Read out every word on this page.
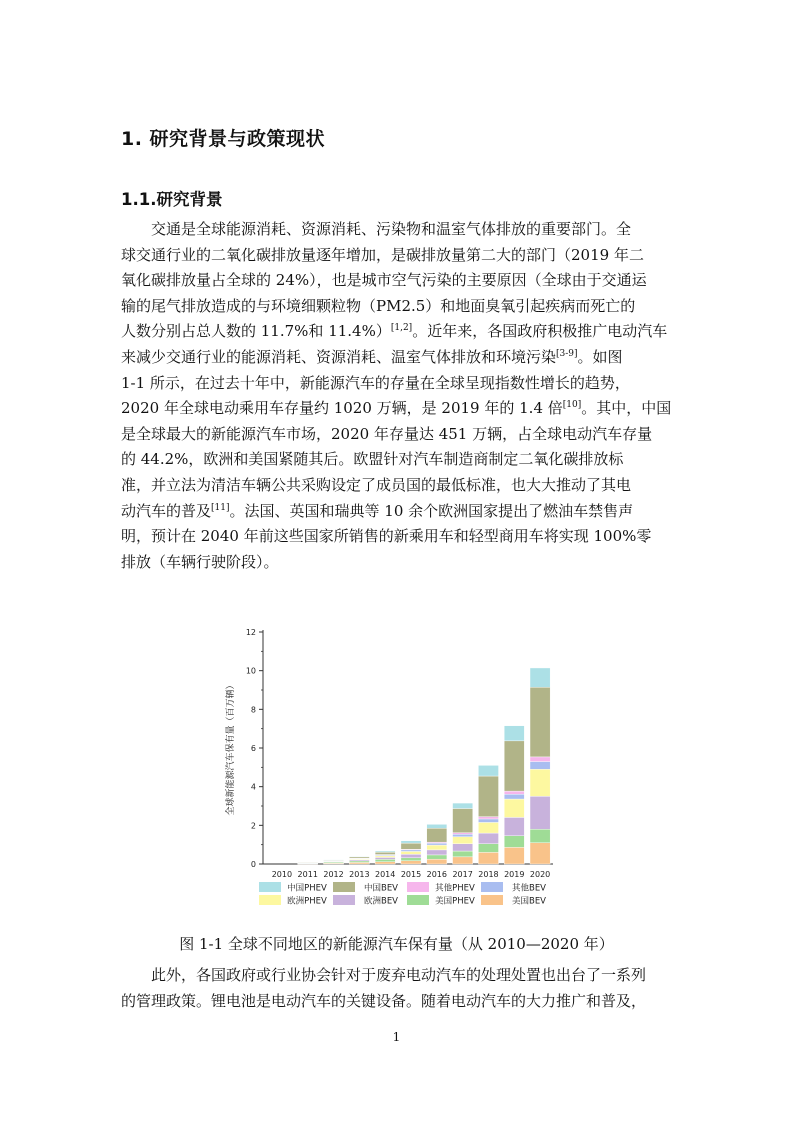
1. 研究背景与政策现状
1.1.研究背景
交通是全球能源消耗、资源消耗、污染物和温室气体排放的重要部门。全
球交通行业的二氧化碳排放量逐年增加，是碳排放量第二大的部门（2019 年二
氧化碳排放量占全球的 24%），也是城市空气污染的主要原因（全球由于交通运
输的尾气排放造成的与环境细颗粒物（PM2.5）和地面臭氧引起疾病而死亡的
人数分别占总人数的 11.7%和 11.4%）[1,2]。近年来，各国政府积极推广电动汽车
来减少交通行业的能源消耗、资源消耗、温室气体排放和环境污染[3-9]。如图
1-1 所示，在过去十年中，新能源汽车的存量在全球呈现指数性增长的趋势，
2020 年全球电动乘用车存量约 1020 万辆，是 2019 年的 1.4 倍[10]。其中，中国
是全球最大的新能源汽车市场，2020 年存量达 451 万辆，占全球电动汽车存量
的 44.2%，欧洲和美国紧随其后。欧盟针对汽车制造商制定二氧化碳排放标
准，并立法为清洁车辆公共采购设定了成员国的最低标准，也大大推动了其电
动汽车的普及[11]。法国、英国和瑞典等 10 余个欧洲国家提出了燃油车禁售声
明，预计在 2040 年前这些国家所销售的新乘用车和轻型商用车将实现 100%零
排放（车辆行驶阶段）。
0
2
4
6
8
10
12
全球新能源汽车保有量（百万辆）
2010 2011 2012 2013 2014 2015 2016 2017 2018 2019 2020
中国PHEV	中国BEV	其他PHEV	其他BEV
欧洲PHEV	欧洲BEV	美国PHEV	美国BEV
图 1-1 全球不同地区的新能源汽车保有量（从 2010—2020 年）
此外，各国政府或行业协会针对于废弃电动汽车的处理处置也出台了一系列
的管理政策。锂电池是电动汽车的关键设备。随着电动汽车的大力推广和普及，
1
